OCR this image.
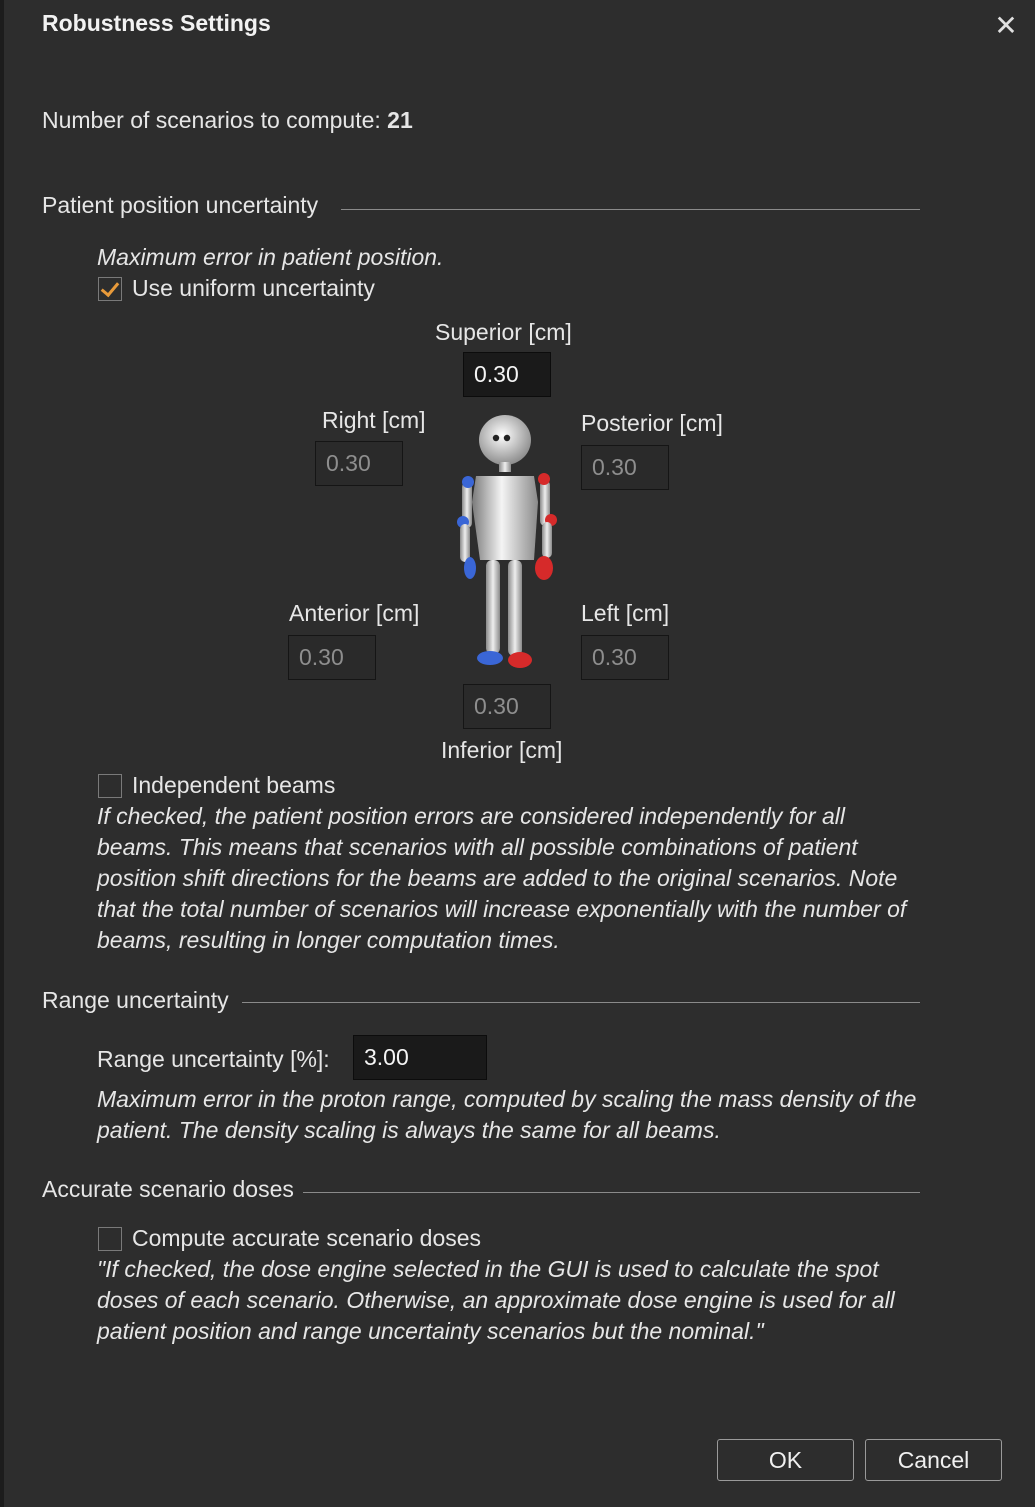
Robustness Settings	✕
Number of scenarios to compute: 21
Patient position uncertainty
Maximum error in patient position.
Use uniform uncertainty
Superior [cm]
0.30
Right [cm]
0.30
Posterior [cm]
0.30
Anterior [cm]
0.30
Left [cm]
0.30
0.30
Inferior [cm]
Independent beams
If checked, the patient position errors are considered independently for all beams. This means that scenarios with all possible combinations of patient position shift directions for the beams are added to the original scenarios. Note that the total number of scenarios will increase exponentially with the number of beams, resulting in longer computation times.
Range uncertainty
Range uncertainty [%]:	3.00
Maximum error in the proton range, computed by scaling the mass density of the patient. The density scaling is always the same for all beams.
Accurate scenario doses
Compute accurate scenario doses
"If checked, the dose engine selected in the GUI is used to calculate the spot doses of each scenario. Otherwise, an approximate dose engine is used for all patient position and range uncertainty scenarios but the nominal."
OK	Cancel
